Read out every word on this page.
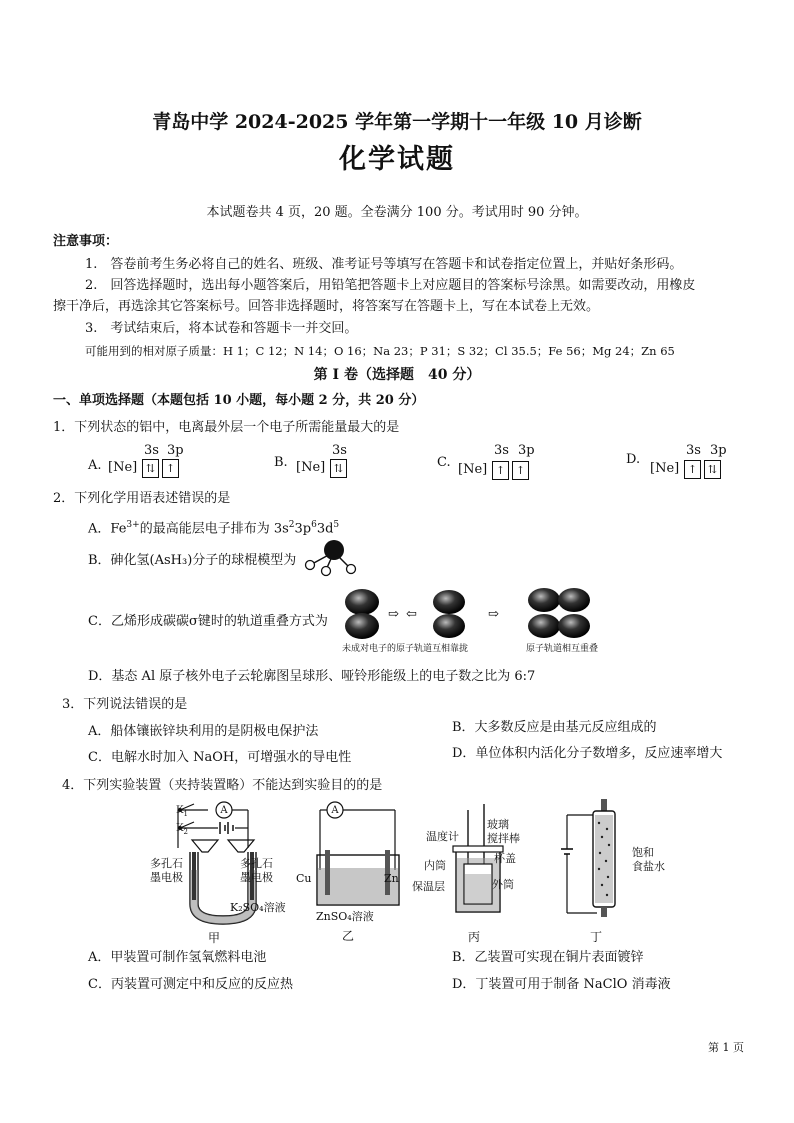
青岛中学 2024-2025 学年第一学期十一年级 10 月诊断
化学试题
本试题卷共 4 页，20 题。全卷满分 100 分。考试用时 90 分钟。
注意事项：
1.　答卷前考生务必将自己的姓名、班级、准考证号等填写在答题卡和试卷指定位置上，并贴好条形码。
2.　回答选择题时，选出每小题答案后，用铅笔把答题卡上对应题目的答案标号涂黑。如需要改动，用橡皮
擦干净后，再选涂其它答案标号。回答非选择题时，将答案写在答题卡上，写在本试卷上无效。
3.　考试结束后，将本试卷和答题卡一并交回。
可能用到的相对原子质量：H 1；C 12；N 14；O 16；Na 23；P 31；S 32；Cl 35.5；Fe 56；Mg 24；Zn 65
第 I 卷（选择题　40 分）
一、单项选择题（本题包括 10 小题，每小题 2 分，共 20 分）
1．下列状态的铝中，电离最外层一个电子所需能量最大的是
A.
3s 3p
[Ne] ⇅ ↑	B.
3s
[Ne] ⇅	C.
3s 3p
[Ne] ↑ ↑
D.
3s 3p
[Ne] ↑ ⇅
2．下列化学用语表述错误的是
A．$Fe^{3+}$的最高能层电子排布为 $3s^23p^63d^5$
B．砷化氢(AsH₃)分子的球棍模型为
C．乙烯形成碳碳σ键时的轨道重叠方式为	⇨ ⇦	⇨
未成对电子的原子轨道互相靠拢	原子轨道相互重叠
D．基态 Al 原子核外电子云轮廓图呈球形、哑铃形能级上的电子数之比为 6:7
3．下列说法错误的是
A．船体镶嵌锌块利用的是阴极电保护法	B．大多数反应是由基元反应组成的
C．电解水时加入 NaOH，可增强水的导电性	D．单位体积内活化分子数增多，反应速率增大
4．下列实验装置（夹持装置略）不能达到实验目的的是
$K_1$
$K_2$
A
多孔石
墨电极
多孔石
墨电极
K₂SO₄溶液
甲
A
Cu	Zn
ZnSO₄溶液
乙
温度计
玻璃
搅拌棒
杯盖
内筒
保温层	外筒
丙
饱和
食盐水
丁
A．甲装置可制作氢氧燃料电池	B．乙装置可实现在铜片表面镀锌
C．丙装置可测定中和反应的反应热	D．丁装置可用于制备 NaClO 消毒液
第 1 页
